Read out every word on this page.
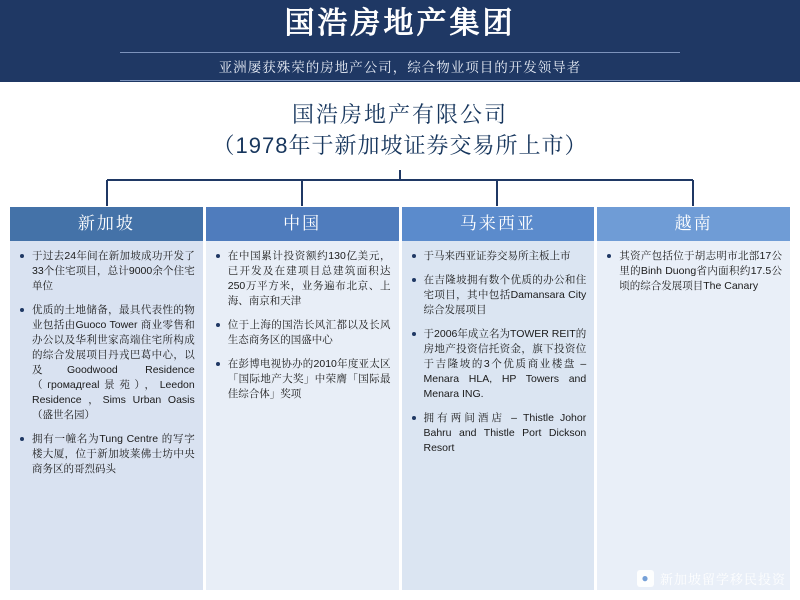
国浩房地产集团
亚洲屡获殊荣的房地产公司，综合物业项目的开发领导者
国浩房地产有限公司
（1978年于新加坡证券交易所上市）
新加坡
于过去24年间在新加坡成功开发了33个住宅项目，总计9000余个住宅单位
优质的土地储备，最具代表性的物业包括由Guoco Tower 商业零售和办公以及华利世家高端住宅所构成的综合发展项目丹戎巴葛中心，以及Goodwood Residence（громадreal景苑），Leedon Residence ，Sims Urban Oasis（盛世名园）
拥有一幢名为Tung Centre 的写字楼大厦，位于新加坡莱佛士坊中央商务区的哥烈码头
中国
在中国累计投资额约130亿美元，已开发及在建项目总建筑面积达250万平方米，业务遍布北京、上海、南京和天津
位于上海的国浩长风汇都以及长风生态商务区的国盛中心
在彭博电视协办的2010年度亚太区「国际地产大奖」中荣膺「国际最佳综合体」奖项
马来西亚
于马来西亚证券交易所主板上市
在吉隆坡拥有数个优质的办公和住宅项目，其中包括Damansara City综合发展项目
于2006年成立名为TOWER REIT的房地产投资信托资金，旗下投资位于吉隆坡的3个优质商业楼盘 – Menara HLA, HP Towers and Menara ING.
拥有两间酒店 – Thistle Johor Bahru and Thistle Port Dickson Resort
越南
其资产包括位于胡志明市北部17公里的Binh Duong省内面积约17.5公顷的综合发展项目The Canary
● 新加坡留学移民投资
